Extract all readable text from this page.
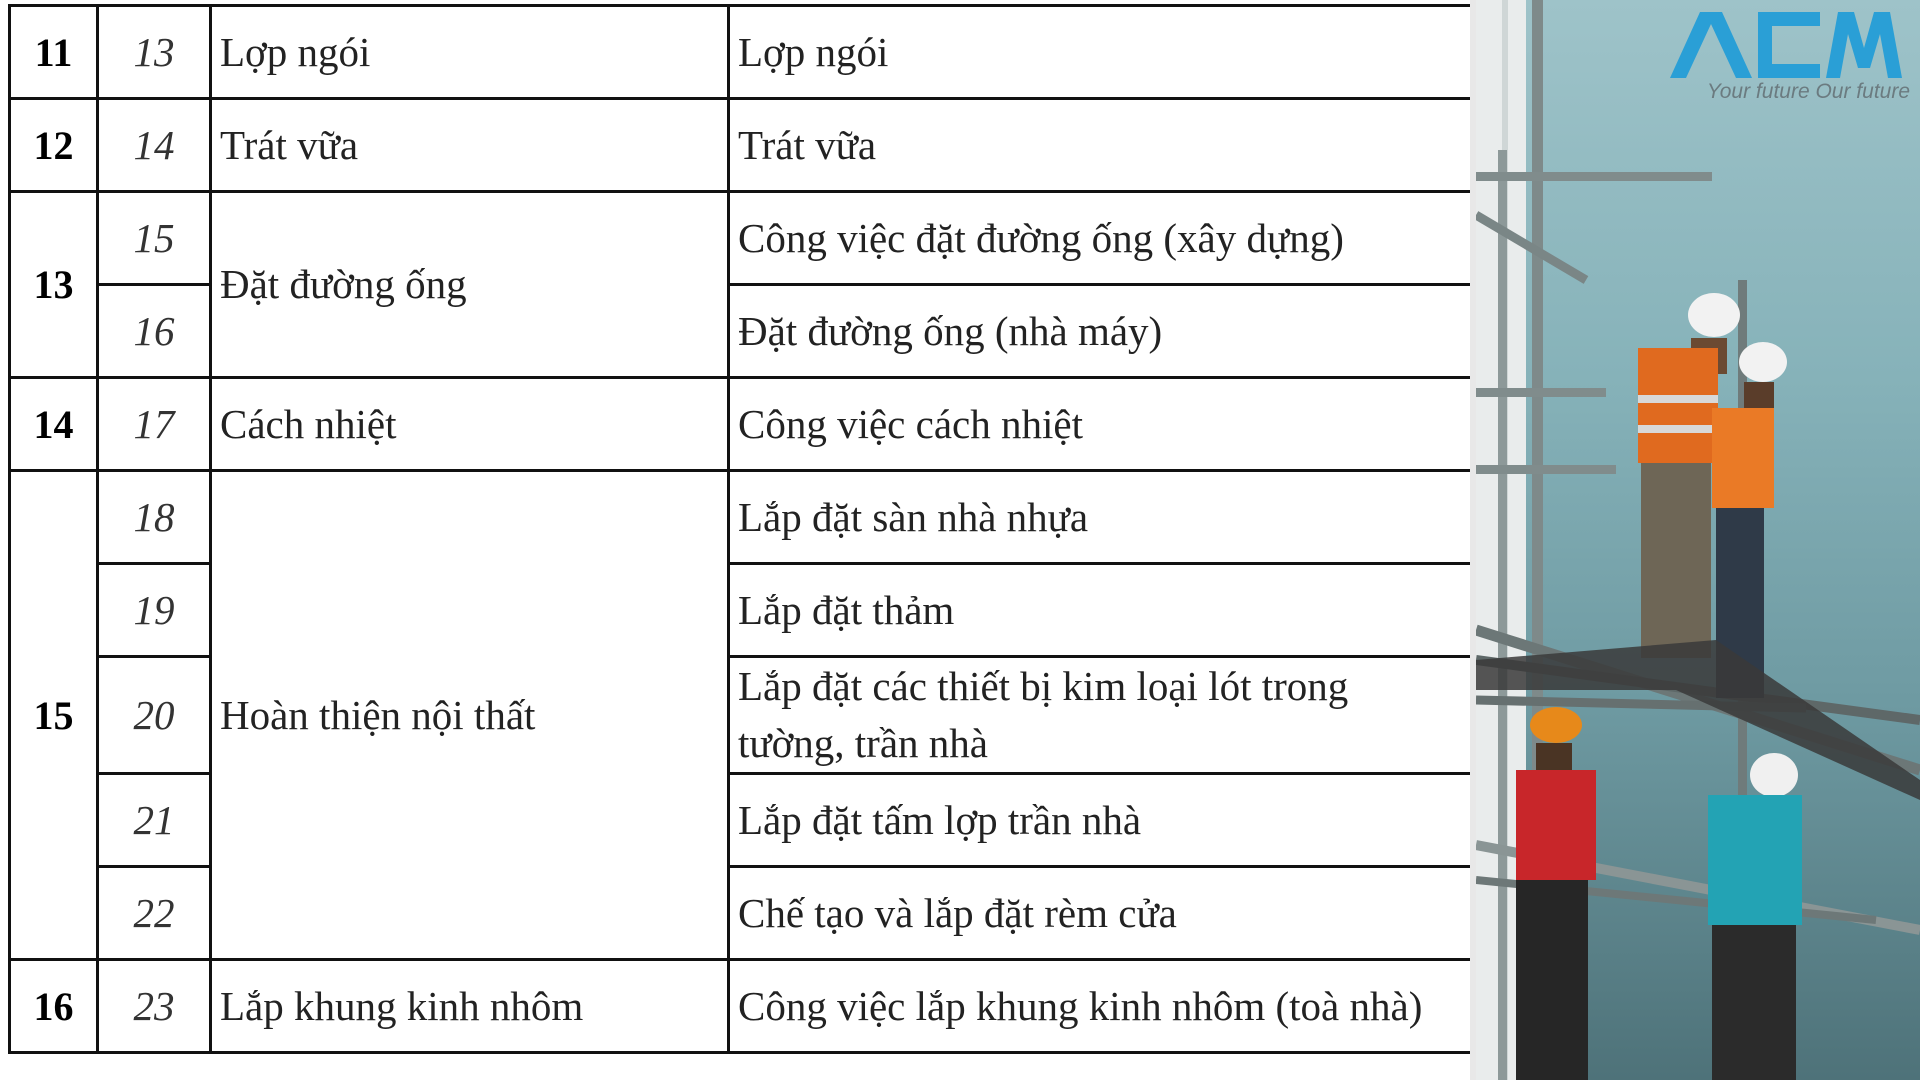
11	13	Lợp ngói	Lợp ngói
12	14	Trát vữa	Trát vữa
13	15	Đặt đường ống	Công việc đặt đường ống (xây dựng)
	16		Đặt đường ống (nhà máy)
14	17	Cách nhiệt	Công việc cách nhiệt
15	18	Hoàn thiện nội thất	Lắp đặt sàn nhà nhựa
	19		Lắp đặt thảm
	20		Lắp đặt các thiết bị kim loại lót trong tường, trần nhà
	21		Lắp đặt tấm lợp trần nhà
	22		Chế tạo và lắp đặt rèm cửa
16	23	Lắp khung kinh nhôm	Công việc lắp khung kinh nhôm (toà nhà)
Your future Our future
